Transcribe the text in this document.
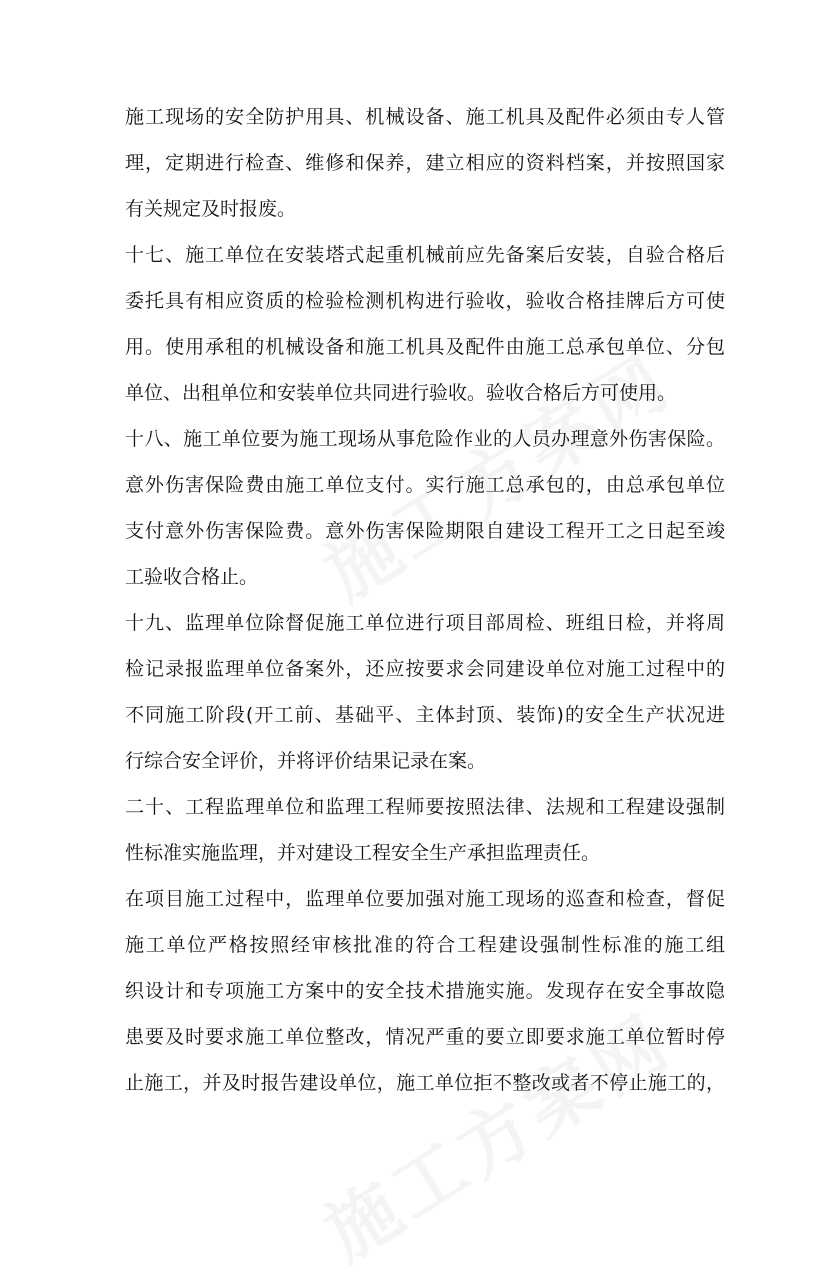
施工现场的安全防护用具、机械设备、施工机具及配件必须由专人管
理，定期进行检查、维修和保养，建立相应的资料档案，并按照国家
有关规定及时报废。
十七、施工单位在安装塔式起重机械前应先备案后安装，自验合格后
委托具有相应资质的检验检测机构进行验收，验收合格挂牌后方可使
用。使用承租的机械设备和施工机具及配件由施工总承包单位、分包
单位、出租单位和安装单位共同进行验收。验收合格后方可使用。
十八、施工单位要为施工现场从事危险作业的人员办理意外伤害保险。
意外伤害保险费由施工单位支付。实行施工总承包的，由总承包单位
支付意外伤害保险费。意外伤害保险期限自建设工程开工之日起至竣
工验收合格止。
十九、监理单位除督促施工单位进行项目部周检、班组日检，并将周
检记录报监理单位备案外，还应按要求会同建设单位对施工过程中的
不同施工阶段(开工前、基础平、主体封顶、装饰)的安全生产状况进
行综合安全评价，并将评价结果记录在案。
二十、工程监理单位和监理工程师要按照法律、法规和工程建设强制
性标准实施监理，并对建设工程安全生产承担监理责任。
在项目施工过程中，监理单位要加强对施工现场的巡查和检查，督促
施工单位严格按照经审核批准的符合工程建设强制性标准的施工组
织设计和专项施工方案中的安全技术措施实施。发现存在安全事故隐
患要及时要求施工单位整改，情况严重的要立即要求施工单位暂时停
止施工，并及时报告建设单位，施工单位拒不整改或者不停止施工的，
